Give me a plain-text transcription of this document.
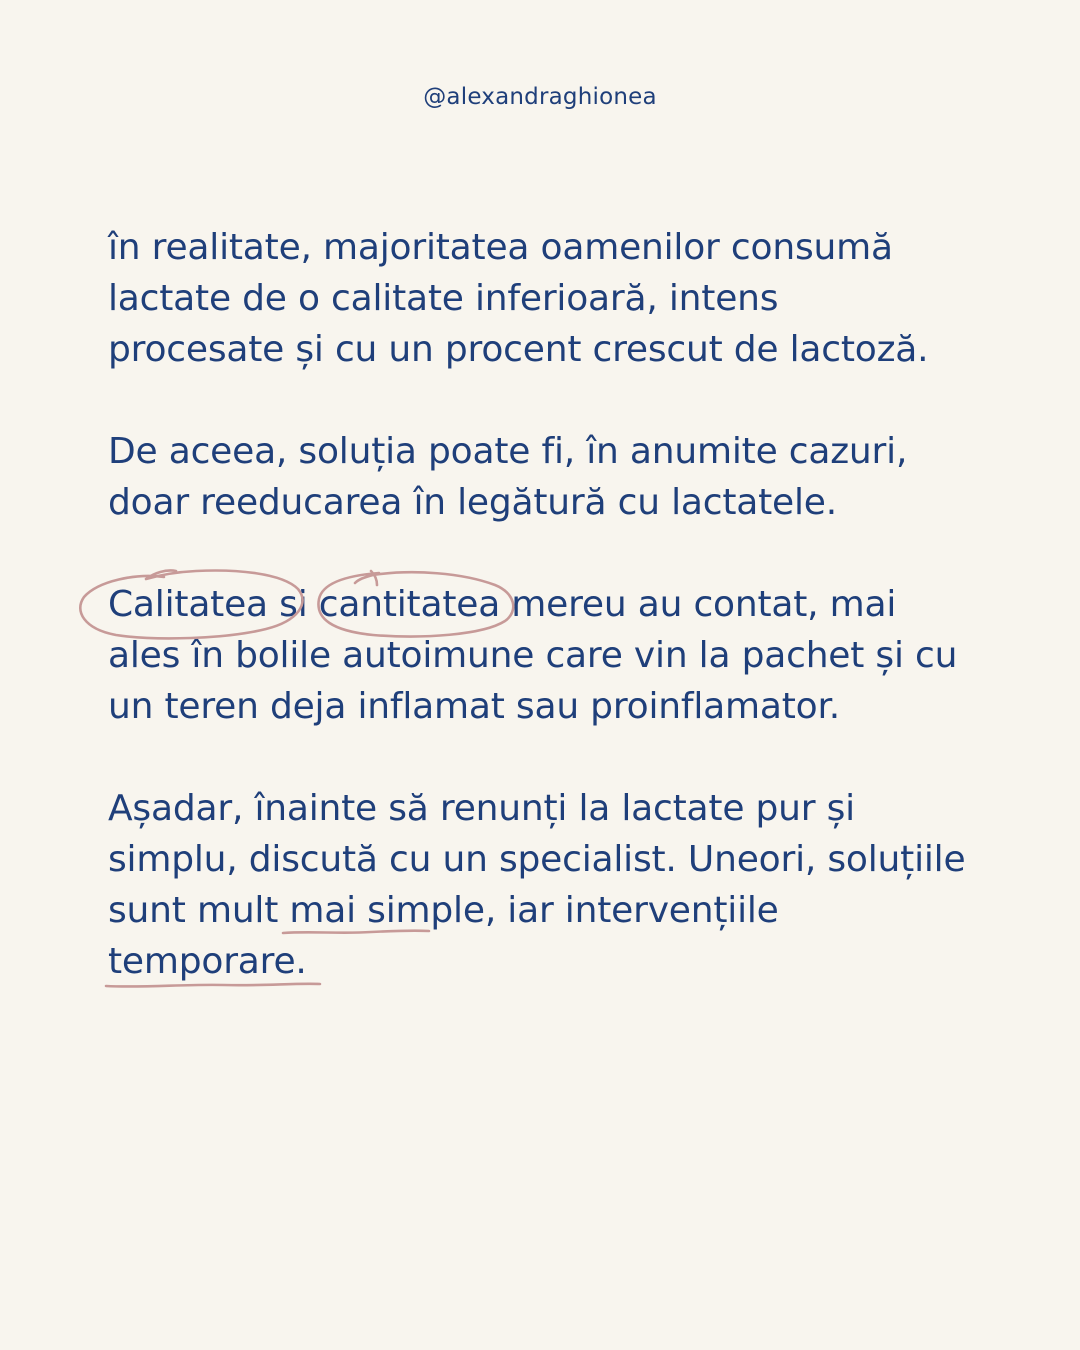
@alexandraghionea

în realitate, majoritatea oamenilor consumă
lactate de o calitate inferioară, intens
procesate și cu un procent crescut de lactoză.

De aceea, soluția poate fi, în anumite cazuri,
doar reeducarea în legătură cu lactatele.

Calitatea si
cantitatea mereu au contat, mai
ales în bolile autoimune care vin la pachet și cu
un teren deja inflamat sau proinflamator.

Așadar, înainte să renunți la lactate pur și
simplu, discută cu un specialist. Uneori, soluțiile
sunt mult
mai simple, iar intervențiile
temporare.
